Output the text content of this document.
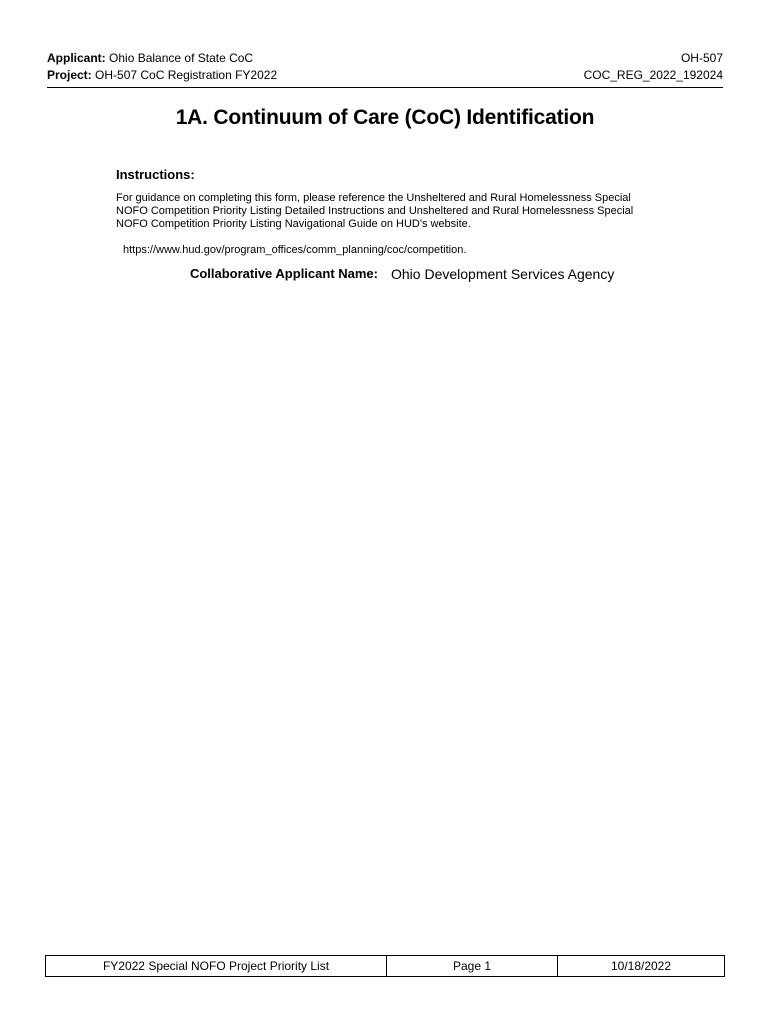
Applicant: Ohio Balance of State CoC
Project: OH-507 CoC Registration FY2022
OH-507
COC_REG_2022_192024
1A. Continuum of Care (CoC) Identification
Instructions:
For guidance on completing this form, please reference the Unsheltered and Rural Homelessness Special NOFO Competition Priority Listing Detailed Instructions and Unsheltered and Rural Homelessness Special NOFO Competition Priority Listing Navigational Guide on HUD's website.
https://www.hud.gov/program_offices/comm_planning/coc/competition.
Collaborative Applicant Name: Ohio Development Services Agency
FY2022 Special NOFO Project Priority List	Page 1	10/18/2022
